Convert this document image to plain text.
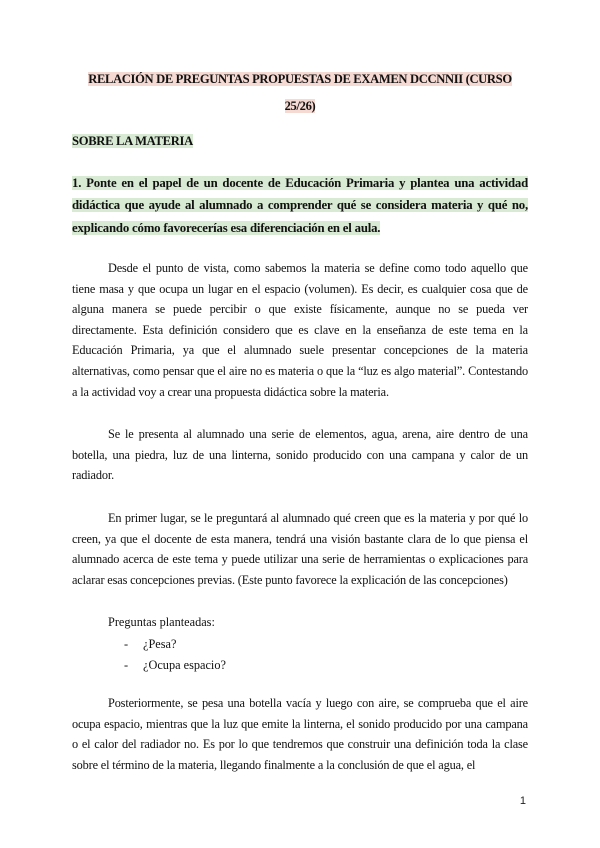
RELACIÓN DE PREGUNTAS PROPUESTAS DE EXAMEN DCCNNII (CURSO 25/26)
SOBRE LA MATERIA
1. Ponte en el papel de un docente de Educación Primaria y plantea una actividad didáctica que ayude al alumnado a comprender qué se considera materia y qué no, explicando cómo favorecerías esa diferenciación en el aula.

Desde el punto de vista, como sabemos la materia se define como todo aquello que tiene masa y que ocupa un lugar en el espacio (volumen). Es decir, es cualquier cosa que de alguna manera se puede percibir o que existe físicamente, aunque no se pueda ver directamente. Esta definición considero que es clave en la enseñanza de este tema en la Educación Primaria, ya que el alumnado suele presentar concepciones de la materia alternativas, como pensar que el aire no es materia o que la “luz es algo material”. Contestando a la actividad voy a crear una propuesta didáctica sobre la materia.

Se le presenta al alumnado una serie de elementos, agua, arena, aire dentro de una botella, una piedra, luz de una linterna, sonido producido con una campana y calor de un radiador.

En primer lugar, se le preguntará al alumnado qué creen que es la materia y por qué lo creen, ya que el docente de esta manera, tendrá una visión bastante clara de lo que piensa el alumnado acerca de este tema y puede utilizar una serie de herramientas o explicaciones para aclarar esas concepciones previas. (Este punto favorece la explicación de las concepciones)

Preguntas planteadas:
- ¿Pesa?
- ¿Ocupa espacio?

Posteriormente, se pesa una botella vacía y luego con aire, se comprueba que el aire ocupa espacio, mientras que la luz que emite la linterna, el sonido producido por una campana o el calor del radiador no. Es por lo que tendremos que construir una definición toda la clase sobre el término de la materia, llegando finalmente a la conclusión de que el agua, el

1
